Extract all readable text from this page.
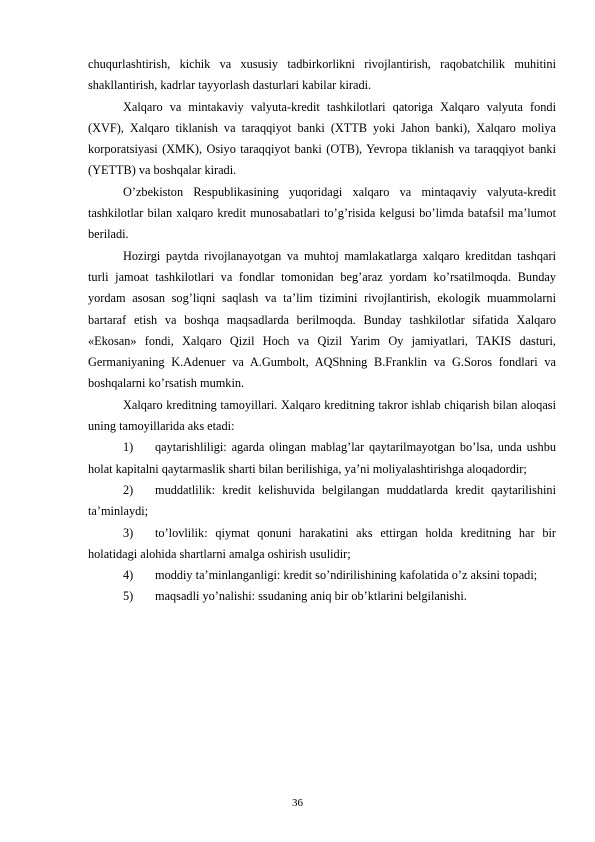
chuqurlashtirish, kichik va xususiy tadbirkorlikni rivojlantirish, raqobatchilik muhitini shakllantirish, kadrlar tayyorlash dasturlari kabilar kiradi.

Xalqaro va mintakaviy valyuta-kredit tashkilotlari qatoriga Xalqaro valyuta fondi (XVF), Xalqaro tiklanish va taraqqiyot banki (XTTB yoki Jahon banki), Xalqaro moliya korporatsiyasi (XMK), Osiyo taraqqiyot banki (OTB), Yevropa tiklanish va taraqqiyot banki (YETTB) va boshqalar kiradi.

O’zbekiston Respublikasining yuqoridagi xalqaro va mintaqaviy valyuta-kredit tashkilotlar bilan xalqaro kredit munosabatlari to’g’risida kelgusi bo’limda batafsil ma’lumot beriladi.

Hozirgi paytda rivojlanayotgan va muhtoj mamlakatlarga xalqaro kreditdan tashqari turli jamoat tashkilotlari va fondlar tomonidan beg’araz yordam ko’rsatilmoqda. Bunday yordam asosan sog’liqni saqlash va ta’lim tizimini rivojlantirish, ekologik muammolarni bartaraf etish va boshqa maqsadlarda berilmoqda. Bunday tashkilotlar sifatida Xalqaro «Ekosan» fondi, Xalqaro Qizil Hoch va Qizil Yarim Oy jamiyatlari, TAKIS dasturi, Germaniyaning K.Adenuer va A.Gumbolt, AQShning B.Franklin va G.Soros fondlari va boshqalarni ko’rsatish mumkin.

Xalqaro kreditning tamoyillari. Xalqaro kreditning takror ishlab chiqarish bilan aloqasi uning tamoyillarida aks etadi:

1) qaytarishliligi: agarda olingan mablag’lar qaytarilmayotgan bo’lsa, unda ushbu holat kapitalni qaytarmaslik sharti bilan berilishiga, ya’ni moliyalashtirishga aloqadordir;

2) muddatlilik: kredit kelishuvida belgilangan muddatlarda kredit qaytarilishini ta’minlaydi;

3) to’lovlilik: qiymat qonuni harakatini aks ettirgan holda kreditning har bir holatidagi alohida shartlarni amalga oshirish usulidir;

4) moddiy ta’minlanganligi: kredit so’ndirilishining kafolatida o’z aksini topadi;

5) maqsadli yo’nalishi: ssudaning aniq bir ob’ktlarini belgilanishi.

36
